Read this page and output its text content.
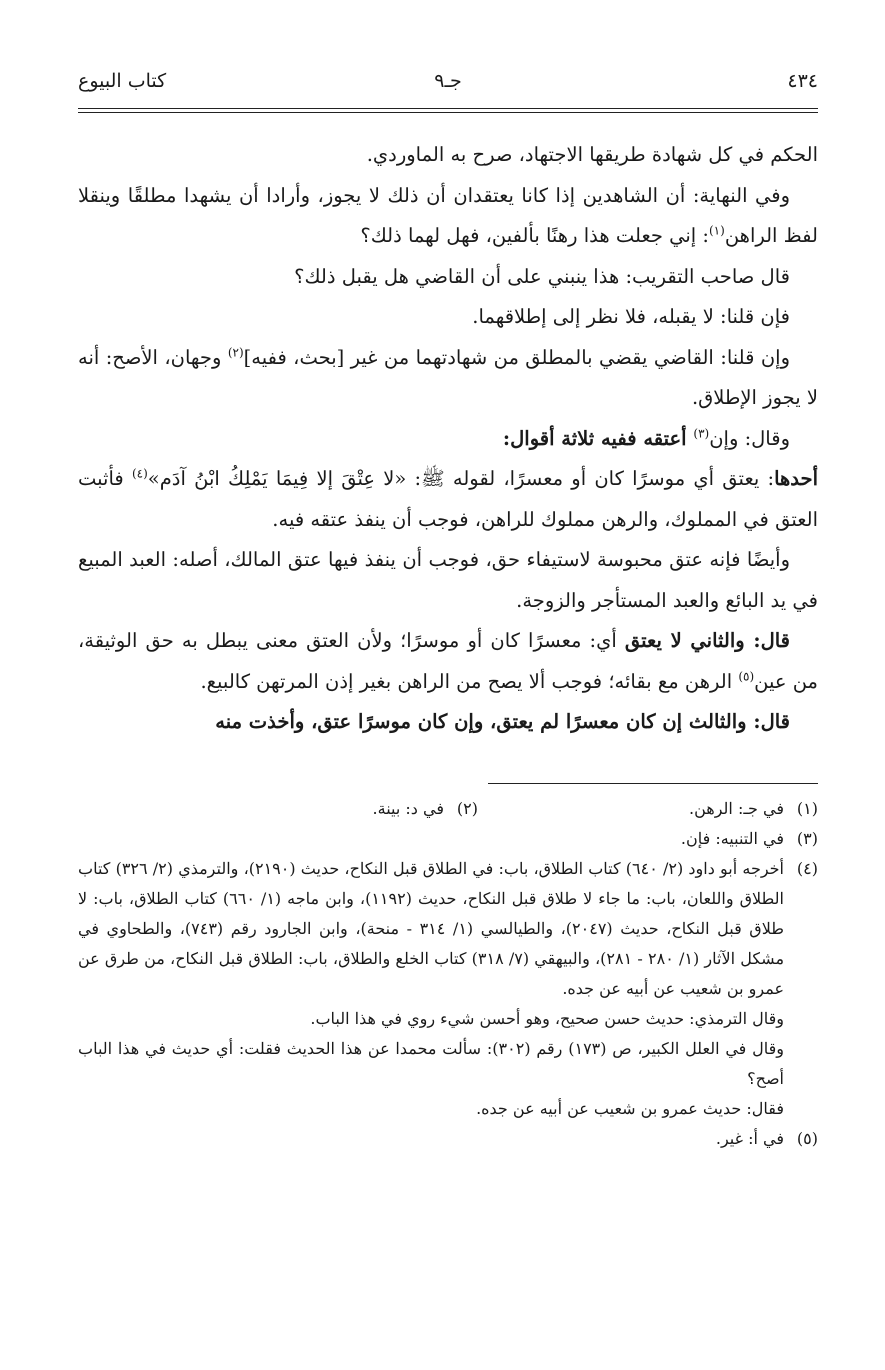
٤٣٤
جـ٩
كتاب البيوع

الحكم في كل شهادة طريقها الاجتهاد، صرح به الماوردي.

وفي النهاية: أن الشاهدين إذا كانا يعتقدان أن ذلك لا يجوز، وأرادا أن يشهدا مطلقًا وينقلا لفظ الراهن$^{(١)}$: إني جعلت هذا رهنًا بألفين، فهل لهما ذلك؟

قال صاحب التقريب: هذا ينبني على أن القاضي هل يقبل ذلك؟

فإن قلنا: لا يقبله، فلا نظر إلى إطلاقهما.

وإن قلنا: القاضي يقضي بالمطلق من شهادتهما من غير [بحث، ففيه]$^{(٢)}$ وجهان، الأصح: أنه لا يجوز الإطلاق.

وقال: وإن$^{(٣)}$ أعتقه ففيه ثلاثة أقوال:

أحدها: يعتق أي موسرًا كان أو معسرًا، لقوله ﷺ: «لا عِتْقَ إلا فِيمَا يَمْلِكُ ابْنُ آدَم»$^{(٤)}$ فأثبت العتق في المملوك، والرهن مملوك للراهن، فوجب أن ينفذ عتقه فيه.

وأيضًا فإنه عتق محبوسة لاستيفاء حق، فوجب أن ينفذ فيها عتق المالك، أصله: العبد المبيع في يد البائع والعبد المستأجر والزوجة.

قال: والثاني لا يعتق أي: معسرًا كان أو موسرًا؛ ولأن العتق معنى يبطل به حق الوثيقة، من عين$^{(٥)}$ الرهن مع بقائه؛ فوجب ألا يصح من الراهن بغير إذن المرتهن كالبيع.

قال: والثالث إن كان معسرًا لم يعتق، وإن كان موسرًا عتق، وأخذت منه

(١)
في جـ: الرهن.
(٢)
في د: بينة.
(٣)
في التنبيه: فإن.
(٤)
أخرجه أبو داود (٢/ ٦٤٠) كتاب الطلاق، باب: في الطلاق قبل النكاح، حديث (٢١٩٠)، والترمذي (٢/ ٣٢٦) كتاب الطلاق واللعان، باب: ما جاء لا طلاق قبل النكاح، حديث (١١٩٢)، وابن ماجه (١/ ٦٦٠) كتاب الطلاق، باب: لا طلاق قبل النكاح، حديث (٢٠٤٧)، والطيالسي (١/ ٣١٤ - منحة)، وابن الجارود رقم (٧٤٣)، والطحاوي في مشكل الآثار (١/ ٢٨٠ - ٢٨١)، والبيهقي (٧/ ٣١٨) كتاب الخلع والطلاق، باب: الطلاق قبل النكاح، من طرق عن عمرو بن شعيب عن أبيه عن جده.
وقال الترمذي: حديث حسن صحيح، وهو أحسن شيء روي في هذا الباب.
وقال في العلل الكبير، ص (١٧٣) رقم (٣٠٢): سألت محمدا عن هذا الحديث فقلت: أي حديث في هذا الباب أصح؟
فقال: حديث عمرو بن شعيب عن أبيه عن جده.
(٥)
في أ: غير.
